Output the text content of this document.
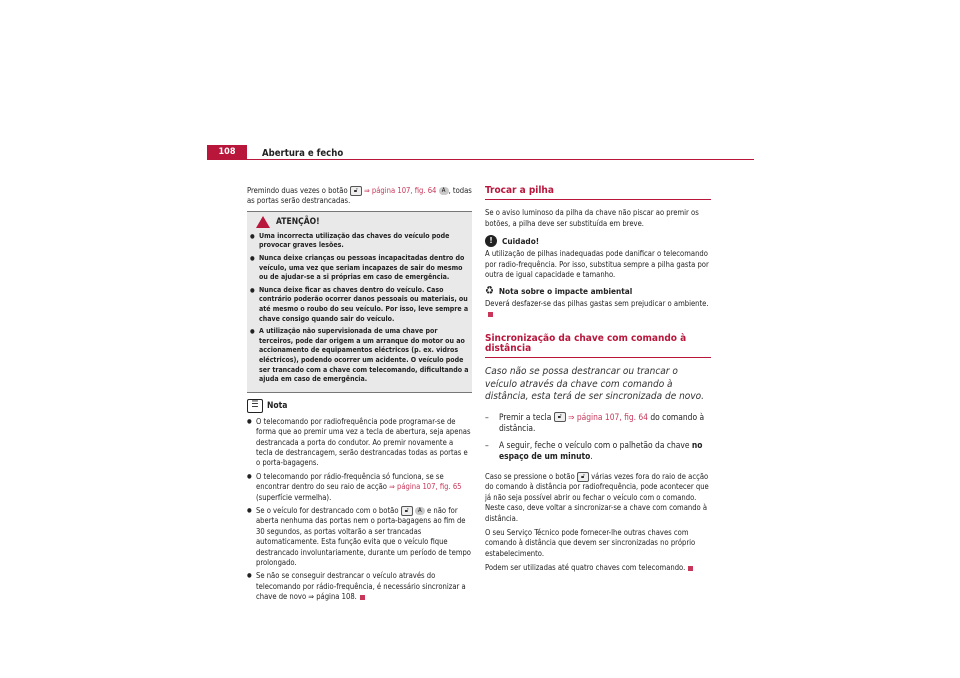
108	Abertura e fecho

Premindo duas vezes o botão 🔓︎ ⇒ página 107, fig. 64 A , todas as portas serão destrancadas.

ATENÇÃO!
● Uma incorrecta utilização das chaves do veículo pode provocar graves lesões.
● Nunca deixe crianças ou pessoas incapacitadas dentro do veículo, uma vez que seriam incapazes de sair do mesmo ou de ajudar-se a si próprias em caso de emergência.
● Nunca deixe ficar as chaves dentro do veículo. Caso contrário poderão ocorrer danos pessoais ou materiais, ou até mesmo o roubo do seu veículo. Por isso, leve sempre a chave consigo quando sair do veículo.
● A utilização não supervisionada de uma chave por terceiros, pode dar origem a um arranque do motor ou ao accionamento de equipamentos eléctricos (p. ex. vidros eléctricos), podendo ocorrer um acidente. O veículo pode ser trancado com a chave com telecomando, dificultando a ajuda em caso de emergência.
☰ Nota
● O telecomando por radiofrequência pode programar-se de forma que ao premir uma vez a tecla de abertura, seja apenas destrancada a porta do condutor. Ao premir novamente a tecla de destrancagem, serão destrancadas todas as portas e o porta-bagagens.
● O telecomando por rádio-frequência só funciona, se se encontrar dentro do seu raio de acção ⇒ página 107, fig. 65 (superfície vermelha).
● Se o veículo for destrancado com o botão 🔓︎ A e não for aberta nenhuma das portas nem o porta-bagagens ao fim de 30 segundos, as portas voltarão a ser trancadas automaticamente. Esta função evita que o veículo fique destrancado involuntariamente, durante um período de tempo prolongado.
● Se não se conseguir destrancar o veículo através do telecomando por rádio-frequência, é necessário sincronizar a chave de novo ⇒ página 108.
Trocar a pilha

Se o aviso luminoso da pilha da chave não piscar ao premir os botões, a pilha deve ser substituída em breve.

!	Cuidado!

A utilização de pilhas inadequadas pode danificar o telecomando por radio-frequência. Por isso, substitua sempre a pilha gasta por outra de igual capacidade e tamanho.

♻︎ Nota sobre o impacte ambiental

Deverá desfazer-se das pilhas gastas sem prejudicar o ambiente.

Sincronização da chave com comando à distância
Caso não se possa destrancar ou trancar o veículo através da chave com comando à distância, esta terá de ser sincronizada de novo.
– Premir a tecla 🔓︎ ⇒ página 107, fig. 64 do comando à distância.
– A seguir, feche o veículo com o palhetão da chave no espaço de um minuto.

Caso se pressione o botão 🔓︎ várias vezes fora do raio de acção do comando à distância por radiofrequência, pode acontecer que já não seja possível abrir ou fechar o veículo com o comando. Neste caso, deve voltar a sincronizar-se a chave com comando à distância.

O seu Serviço Técnico pode fornecer-lhe outras chaves com comando à distância que devem ser sincronizadas no próprio estabelecimento.

Podem ser utilizadas até quatro chaves com telecomando.
